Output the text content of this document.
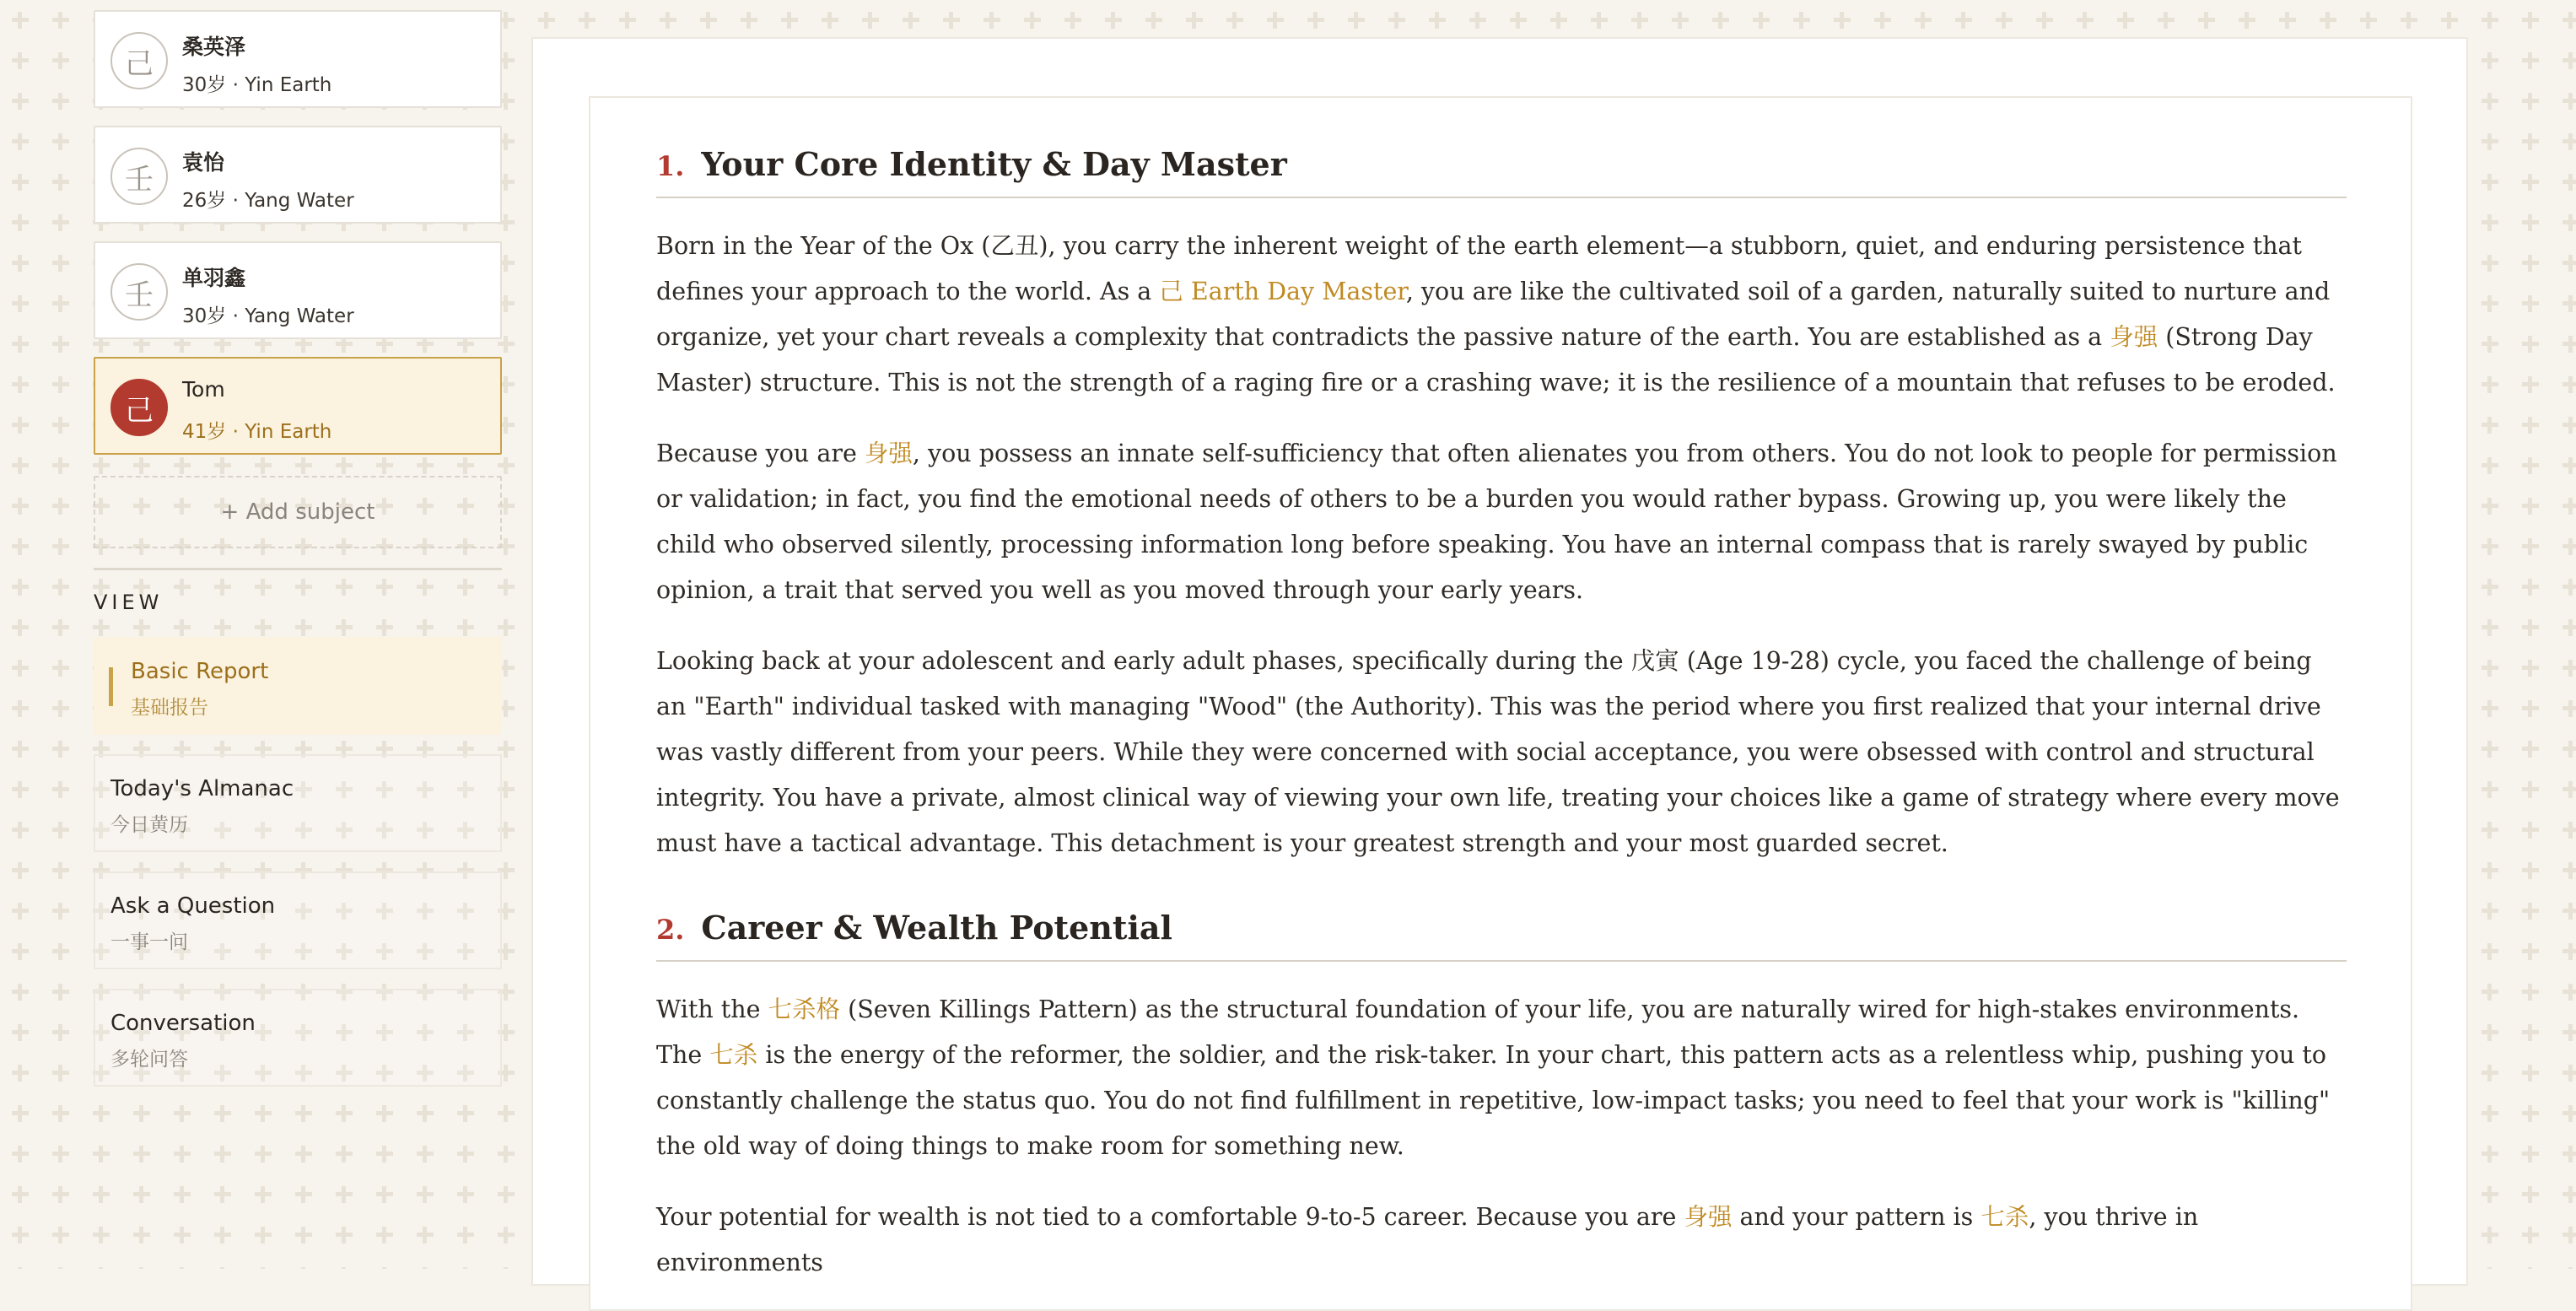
己	桑英泽
30岁 · Yin Earth
壬	袁怡
26岁 · Yang Water
壬	单羽鑫
30岁 · Yang Water
己
Tom
41岁 · Yin Earth
+ Add subject
VIEW
Basic Report
基础报告
Today's Almanac
今日黄历
Ask a Question
一事一问
Conversation
多轮问答
1. Your Core Identity & Day Master

Born in the Year of the Ox (乙丑), you carry the inherent weight of the earth element—a stubborn, quiet, and enduring persistence that defines your approach to the world. As a 己 Earth Day Master, you are like the cultivated soil of a garden, naturally suited to nurture and organize, yet your chart reveals a complexity that contradicts the passive nature of the earth. You are established as a 身强 (Strong Day Master) structure. This is not the strength of a raging fire or a crashing wave; it is the resilience of a mountain that refuses to be eroded.

Because you are 身强, you possess an innate self-sufficiency that often alienates you from others. You do not look to people for permission or validation; in fact, you find the emotional needs of others to be a burden you would rather bypass. Growing up, you were likely the child who observed silently, processing information long before speaking. You have an internal compass that is rarely swayed by public opinion, a trait that served you well as you moved through your early years.

Looking back at your adolescent and early adult phases, specifically during the 戊寅 (Age 19-28) cycle, you faced the challenge of being an "Earth" individual tasked with managing "Wood" (the Authority). This was the period where you first realized that your internal drive was vastly different from your peers. While they were concerned with social acceptance, you were obsessed with control and structural integrity. You have a private, almost clinical way of viewing your own life, treating your choices like a game of strategy where every move must have a tactical advantage. This detachment is your greatest strength and your most guarded secret.

2. Career & Wealth Potential

With the 七杀格 (Seven Killings Pattern) as the structural foundation of your life, you are naturally wired for high-stakes environments. The 七杀 is the energy of the reformer, the soldier, and the risk-taker. In your chart, this pattern acts as a relentless whip, pushing you to constantly challenge the status quo. You do not find fulfillment in repetitive, low-impact tasks; you need to feel that your work is "killing" the old way of doing things to make room for something new.

Your potential for wealth is not tied to a comfortable 9-to-5 career. Because you are 身强 and your pattern is 七杀, you thrive in environments
